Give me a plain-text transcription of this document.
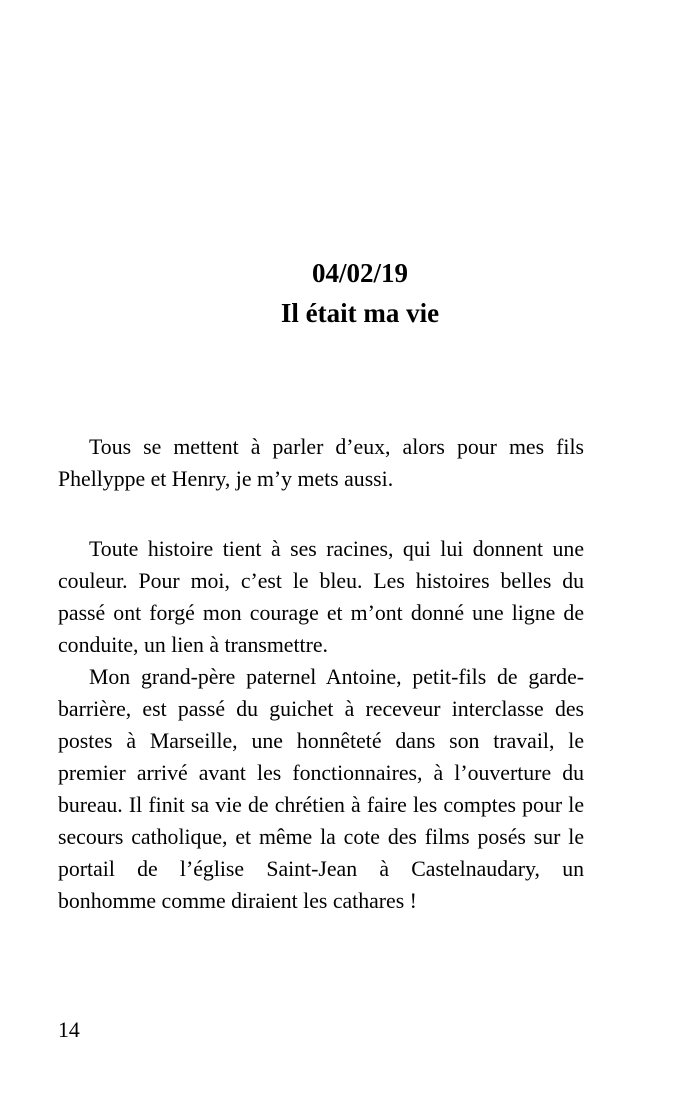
04/02/19
Il était ma vie

Tous se mettent à parler d’eux, alors pour mes fils Phellyppe et Henry, je m’y mets aussi.

Toute histoire tient à ses racines, qui lui donnent une couleur. Pour moi, c’est le bleu. Les histoires belles du passé ont forgé mon courage et m’ont donné une ligne de conduite, un lien à transmettre.

Mon grand-père paternel Antoine, petit-fils de garde-barrière, est passé du guichet à receveur interclasse des postes à Marseille, une honnêteté dans son travail, le premier arrivé avant les fonctionnaires, à l’ouverture du bureau. Il finit sa vie de chrétien à faire les comptes pour le secours catholique, et même la cote des films posés sur le portail de l’église Saint-Jean à Castelnaudary, un bonhomme comme diraient les cathares !

14
